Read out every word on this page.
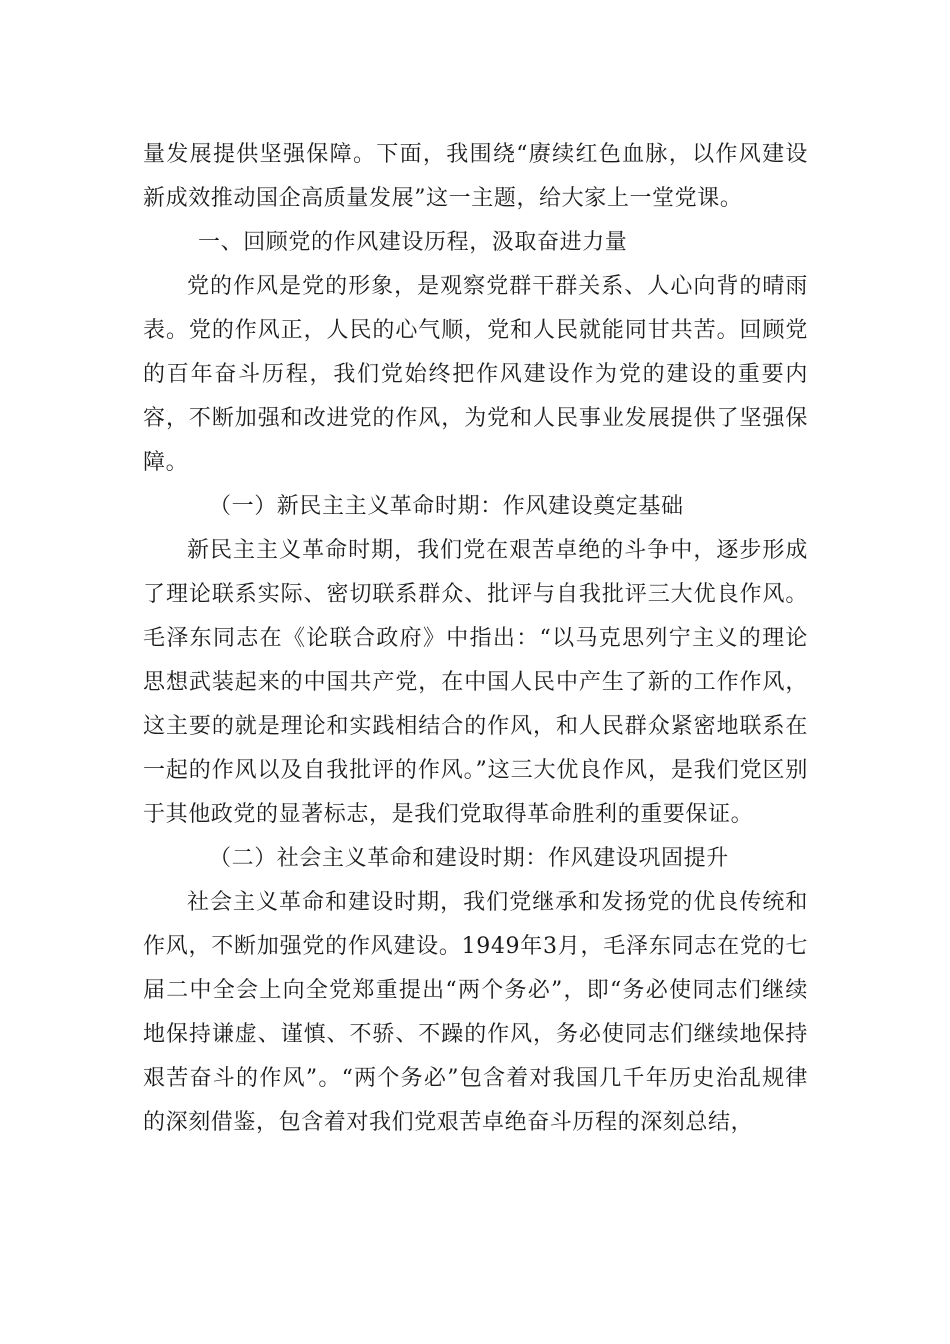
量发展提供坚强保障。下面，我围绕“赓续红色血脉，以作风建设新成效推动国企高质量发展”这一主题，给大家上一堂党课。

一、回顾党的作风建设历程，汲取奋进力量

党的作风是党的形象，是观察党群干群关系、人心向背的晴雨表。党的作风正，人民的心气顺，党和人民就能同甘共苦。回顾党的百年奋斗历程，我们党始终把作风建设作为党的建设的重要内容，不断加强和改进党的作风，为党和人民事业发展提供了坚强保障。

（一）新民主主义革命时期：作风建设奠定基础

新民主主义革命时期，我们党在艰苦卓绝的斗争中，逐步形成了理论联系实际、密切联系群众、批评与自我批评三大优良作风。毛泽东同志在《论联合政府》中指出：“以马克思列宁主义的理论思想武装起来的中国共产党，在中国人民中产生了新的工作作风，这主要的就是理论和实践相结合的作风，和人民群众紧密地联系在一起的作风以及自我批评的作风。”这三大优良作风，是我们党区别于其他政党的显著标志，是我们党取得革命胜利的重要保证。

（二）社会主义革命和建设时期：作风建设巩固提升

社会主义革命和建设时期，我们党继承和发扬党的优良传统和作风，不断加强党的作风建设。1949年3月，毛泽东同志在党的七届二中全会上向全党郑重提出“两个务必”，即“务必使同志们继续地保持谦虚、谨慎、不骄、不躁的作风，务必使同志们继续地保持艰苦奋斗的作风”。“两个务必”包含着对我国几千年历史治乱规律的深刻借鉴，包含着对我们党艰苦卓绝奋斗历程的深刻总结，
